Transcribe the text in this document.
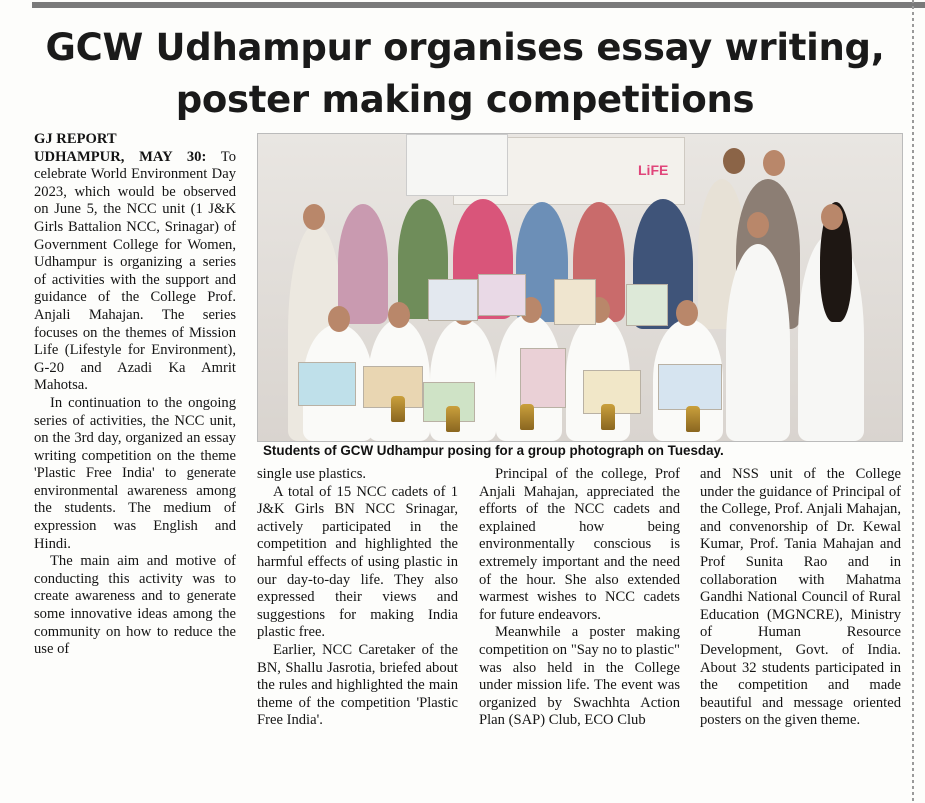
GCW Udhampur organises essay writing,
poster making competitions

GJ REPORT
UDHAMPUR, MAY 30: To celebrate World Environment Day 2023, which would be observed on June 5, the NCC unit (1 J&K Girls Battalion NCC, Srinagar) of Government College for Women, Udhampur is organizing a series of activities with the support and guidance of the College Prof. Anjali Mahajan. The series focuses on the themes of Mission Life (Lifestyle for Environment), G-20 and Azadi Ka Amrit Mahotsa.

In continuation to the ongoing series of activities, the NCC unit, on the 3rd day, organized an essay writing competition on the theme 'Plastic Free India' to generate environmental awareness among the students. The medium of expression was English and Hindi.

The main aim and motive of conducting this activity was to create awareness and to generate some innovative ideas among the community on how to reduce the use of

LiFE
Students of GCW Udhampur posing for a group photograph on Tuesday.

single use plastics.

A total of 15 NCC cadets of 1 J&K Girls BN NCC Srinagar, actively participated in the competition and highlighted the harmful effects of using plastic in our day-to-day life. They also expressed their views and suggestions for making India plastic free.

Earlier, NCC Caretaker of the BN, Shallu Jasrotia, briefed about the rules and highlighted the main theme of the competition 'Plastic Free India'.

Principal of the college, Prof Anjali Mahajan, appreciated the efforts of the NCC cadets and explained how being environmentally conscious is extremely important and the need of the hour. She also extended warmest wishes to NCC cadets for future endeavors.

Meanwhile a poster making competition on "Say no to plastic" was also held in the College under mission life. The event was organized by Swachhta Action Plan (SAP) Club, ECO Club

and NSS unit of the College under the guidance of Principal of the College, Prof. Anjali Mahajan, and convenorship of Dr. Kewal Kumar, Prof. Tania Mahajan and Prof Sunita Rao and in collaboration with Mahatma Gandhi National Council of Rural Education (MGNCRE), Ministry of Human Resource Development, Govt. of India. About 32 students participated in the competition and made beautiful and message oriented posters on the given theme.
